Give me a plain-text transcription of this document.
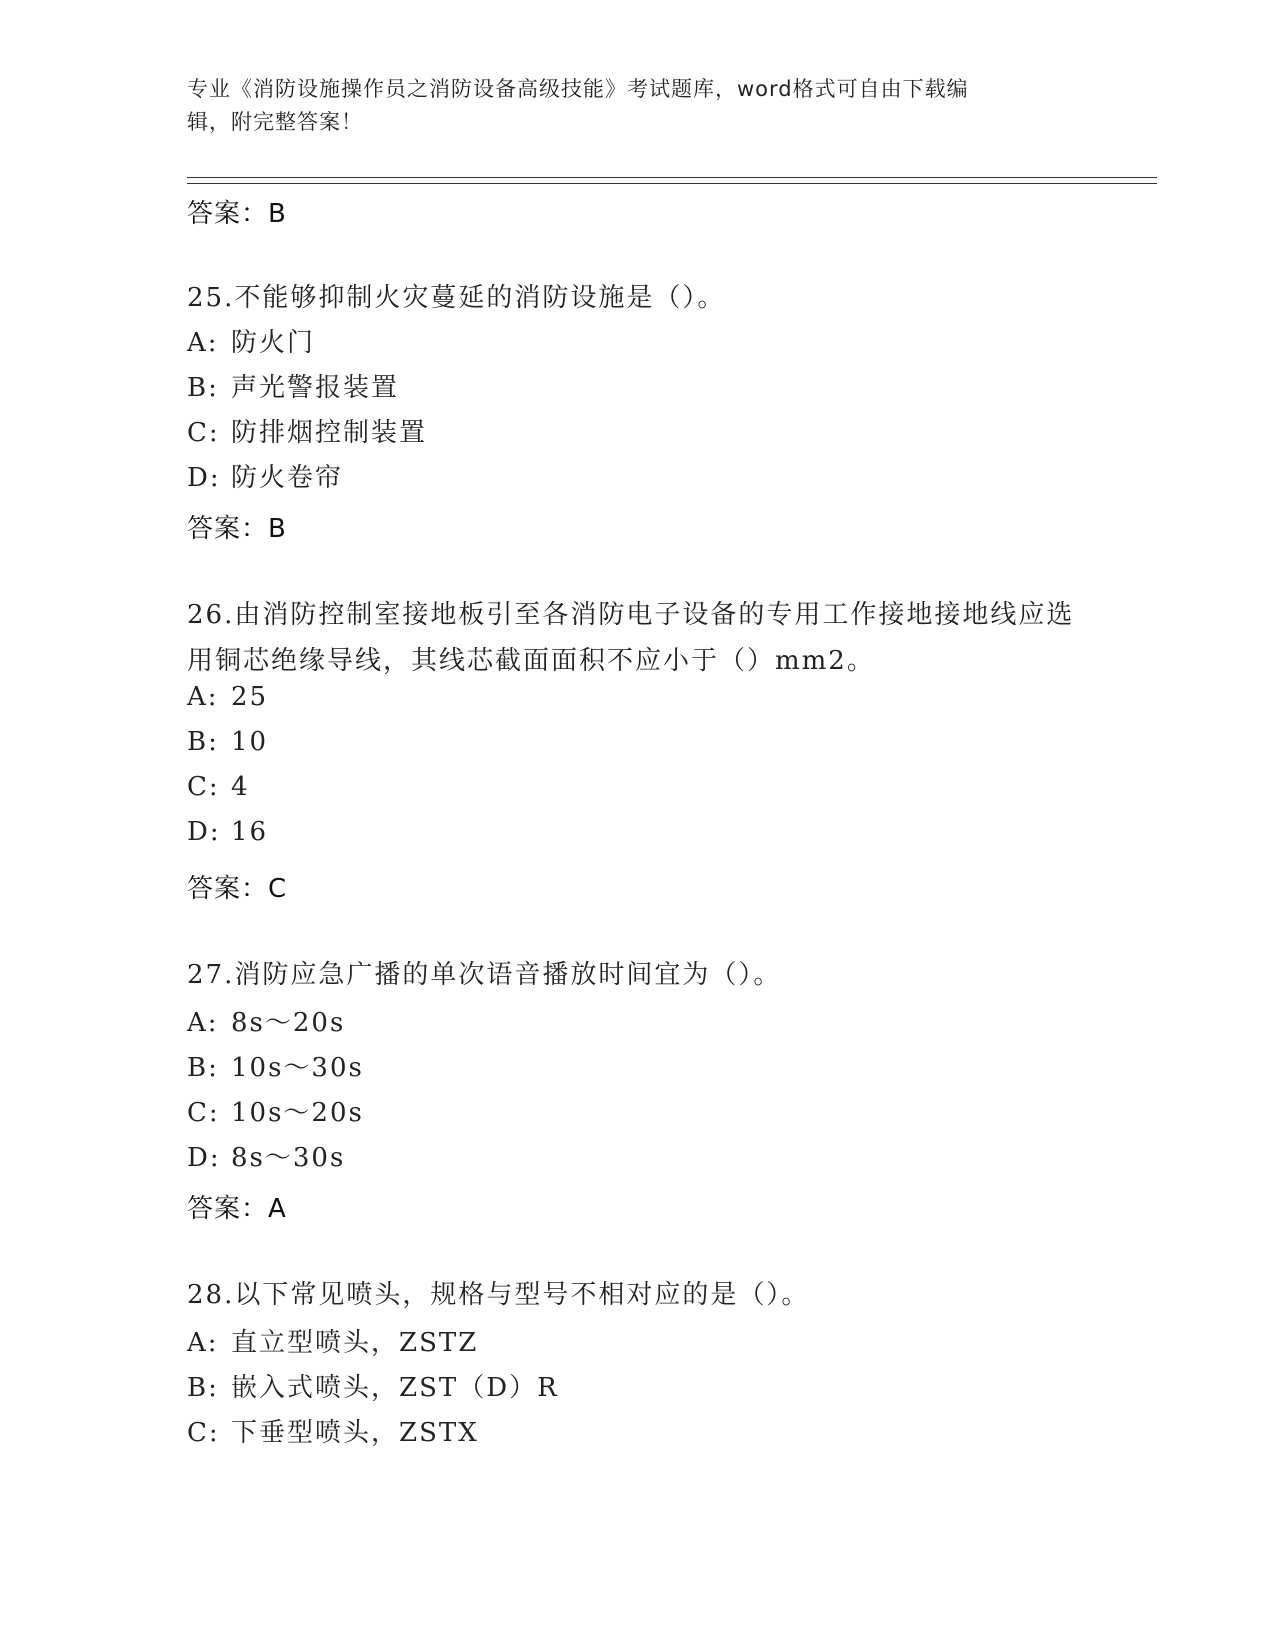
专业《消防设施操作员之消防设备高级技能》考试题库，word格式可自由下载编
辑，附完整答案！
答案：B
25.不能够抑制火灾蔓延的消防设施是（）。
A: 防火门
B: 声光警报装置
C: 防排烟控制装置
D: 防火卷帘
答案：B
26.由消防控制室接地板引至各消防电子设备的专用工作接地接地线应选用铜芯绝缘导线，其线芯截面面积不应小于（）mm2。
A: 25
B: 10
C: 4
D: 16
答案：C
27.消防应急广播的单次语音播放时间宜为（）。
A: 8s～20s
B: 10s～30s
C: 10s～20s
D: 8s～30s
答案：A
28.以下常见喷头，规格与型号不相对应的是（）。
A: 直立型喷头，ZSTZ
B: 嵌入式喷头，ZST（D）R
C: 下垂型喷头，ZSTX
